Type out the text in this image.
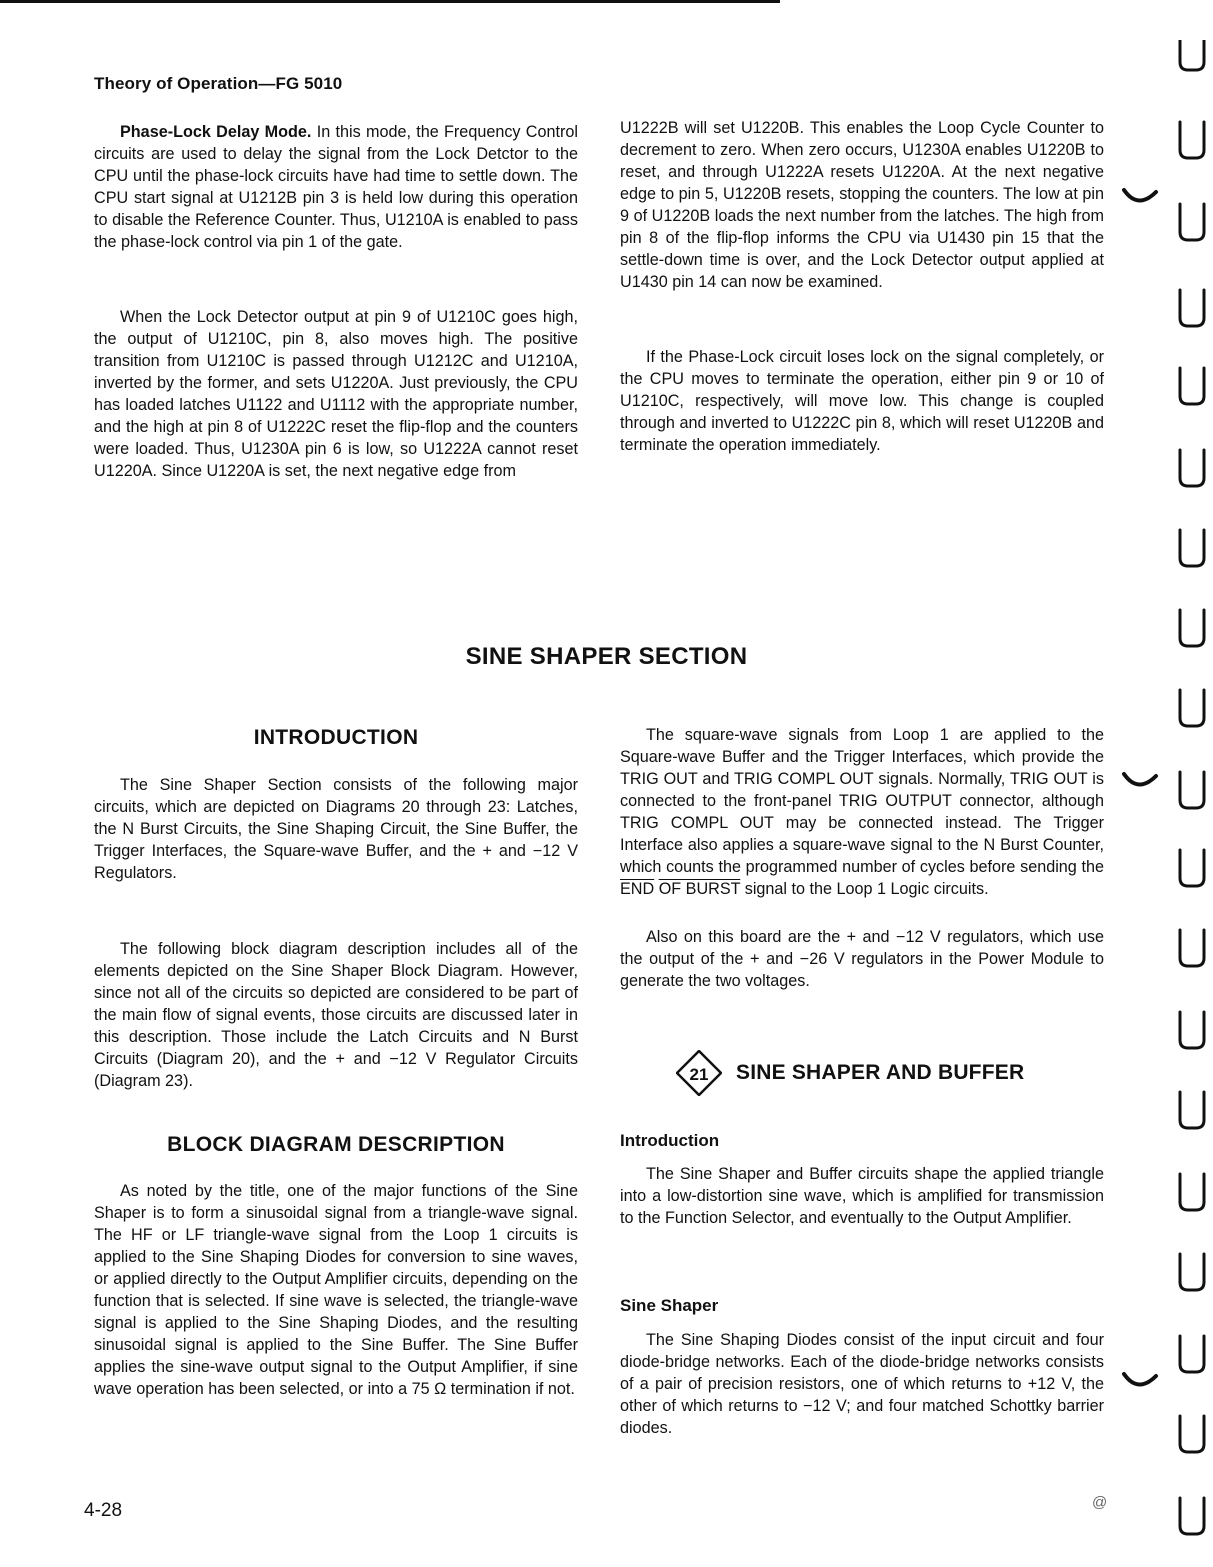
Theory of Operation—FG 5010

Phase-Lock Delay Mode. In this mode, the Frequency Control circuits are used to delay the signal from the Lock Detctor to the CPU until the phase-lock circuits have had time to settle down. The CPU start signal at U1212B pin 3 is held low during this operation to disable the Reference Counter. Thus, U1210A is enabled to pass the phase-lock control via pin 1 of the gate.

When the Lock Detector output at pin 9 of U1210C goes high, the output of U1210C, pin 8, also moves high. The positive transition from U1210C is passed through U1212C and U1210A, inverted by the former, and sets U1220A. Just previously, the CPU has loaded latches U1122 and U1112 with the appropriate number, and the high at pin 8 of U1222C reset the flip-flop and the counters were loaded. Thus, U1230A pin 6 is low, so U1222A cannot reset U1220A. Since U1220A is set, the next negative edge from

U1222B will set U1220B. This enables the Loop Cycle Counter to decrement to zero. When zero occurs, U1230A enables U1220B to reset, and through U1222A resets U1220A. At the next negative edge to pin 5, U1220B resets, stopping the counters. The low at pin 9 of U1220B loads the next number from the latches. The high from pin 8 of the flip-flop informs the CPU via U1430 pin 15 that the settle-down time is over, and the Lock Detector output applied at U1430 pin 14 can now be examined.

If the Phase-Lock circuit loses lock on the signal completely, or the CPU moves to terminate the operation, either pin 9 or 10 of U1210C, respectively, will move low. This change is coupled through and inverted to U1222C pin 8, which will reset U1220B and terminate the operation immediately.

SINE SHAPER SECTION
INTRODUCTION

The Sine Shaper Section consists of the following major circuits, which are depicted on Diagrams 20 through 23: Latches, the N Burst Circuits, the Sine Shaping Circuit, the Sine Buffer, the Trigger Interfaces, the Square-wave Buffer, and the + and −12 V Regulators.

The following block diagram description includes all of the elements depicted on the Sine Shaper Block Diagram. However, since not all of the circuits so depicted are considered to be part of the main flow of signal events, those circuits are discussed later in this description. Those include the Latch Circuits and N Burst Circuits (Diagram 20), and the + and −12 V Regulator Circuits (Diagram 23).

BLOCK DIAGRAM DESCRIPTION

As noted by the title, one of the major functions of the Sine Shaper is to form a sinusoidal signal from a triangle-wave signal. The HF or LF triangle-wave signal from the Loop 1 circuits is applied to the Sine Shaping Diodes for conversion to sine waves, or applied directly to the Output Amplifier circuits, depending on the function that is selected. If sine wave is selected, the triangle-wave signal is applied to the Sine Shaping Diodes, and the resulting sinusoidal signal is applied to the Sine Buffer. The Sine Buffer applies the sine-wave output signal to the Output Amplifier, if sine wave operation has been selected, or into a 75 Ω termination if not.

The square-wave signals from Loop 1 are applied to the Square-wave Buffer and the Trigger Interfaces, which provide the TRIG OUT and TRIG COMPL OUT signals. Normally, TRIG OUT is connected to the front-panel TRIG OUTPUT connector, although TRIG COMPL OUT may be connected instead. The Trigger Interface also applies a square-wave signal to the N Burst Counter, which counts the programmed number of cycles before sending the $\overline{END}$ OF BURST signal to the Loop 1 Logic circuits.

Also on this board are the + and −12 V regulators, which use the output of the + and −26 V regulators in the Power Module to generate the two voltages.

21 SINE SHAPER AND BUFFER
Introduction

The Sine Shaper and Buffer circuits shape the applied triangle into a low-distortion sine wave, which is amplified for transmission to the Function Selector, and eventually to the Output Amplifier.

Sine Shaper

The Sine Shaping Diodes consist of the input circuit and four diode-bridge networks. Each of the diode-bridge networks consists of a pair of precision resistors, one of which returns to +12 V, the other of which returns to −12 V; and four matched Schottky barrier diodes.

4-28	@
